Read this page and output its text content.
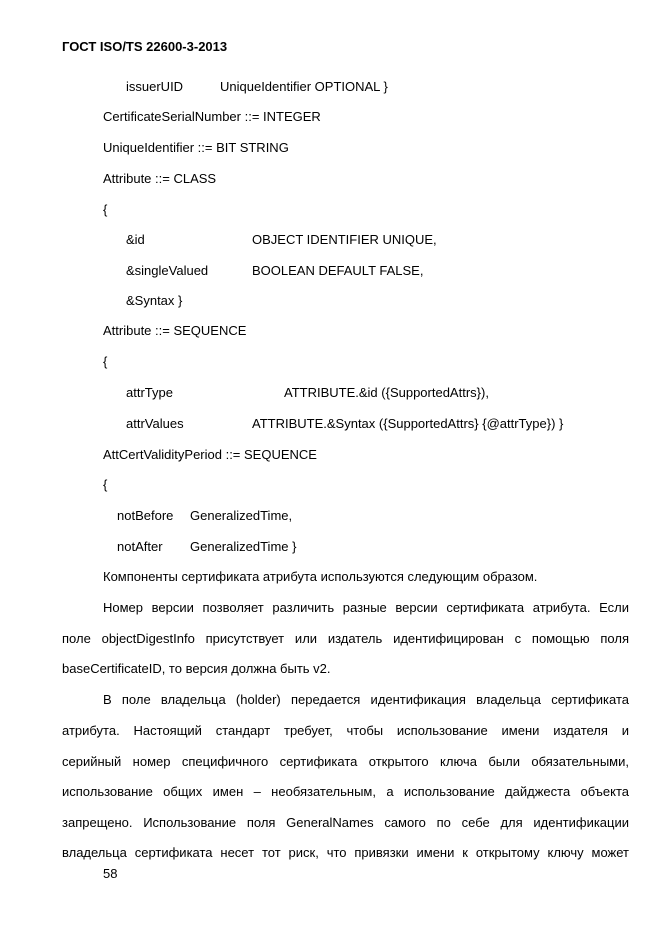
ГОСТ ISO/TS 22600-3-2013
issuerUID	UniqueIdentifier OPTIONAL }
CertificateSerialNumber ::= INTEGER
UniqueIdentifier ::= BIT STRING
Attribute ::= CLASS
{
&id	OBJECT IDENTIFIER UNIQUE,
&singleValued	BOOLEAN DEFAULT FALSE,
&Syntax }
Attribute ::= SEQUENCE
{
attrType	ATTRIBUTE.&id ({SupportedAttrs}),
attrValues	ATTRIBUTE.&Syntax ({SupportedAttrs} {@attrType}) }
AttCertValidityPeriod ::= SEQUENCE
{
notBefore GeneralizedTime,
notAfter GeneralizedTime }
Компоненты сертификата атрибута используются следующим образом.
Номер версии позволяет различить разные версии сертификата атрибута. Если
поле objectDigestInfo присутствует или издатель идентифицирован с помощью поля
baseCertificateID, то версия должна быть v2.
В поле владельца (holder) передается идентификация владельца сертификата
атрибута. Настоящий стандарт требует, чтобы использование имени издателя и
серийный номер специфичного сертификата открытого ключа были обязательными,
использование общих имен – необязательным, а использование дайджеста объекта
запрещено. Использование поля GeneralNames самого по себе для идентификации
владельца сертификата несет тот риск, что привязки имени к открытому ключу может
58
